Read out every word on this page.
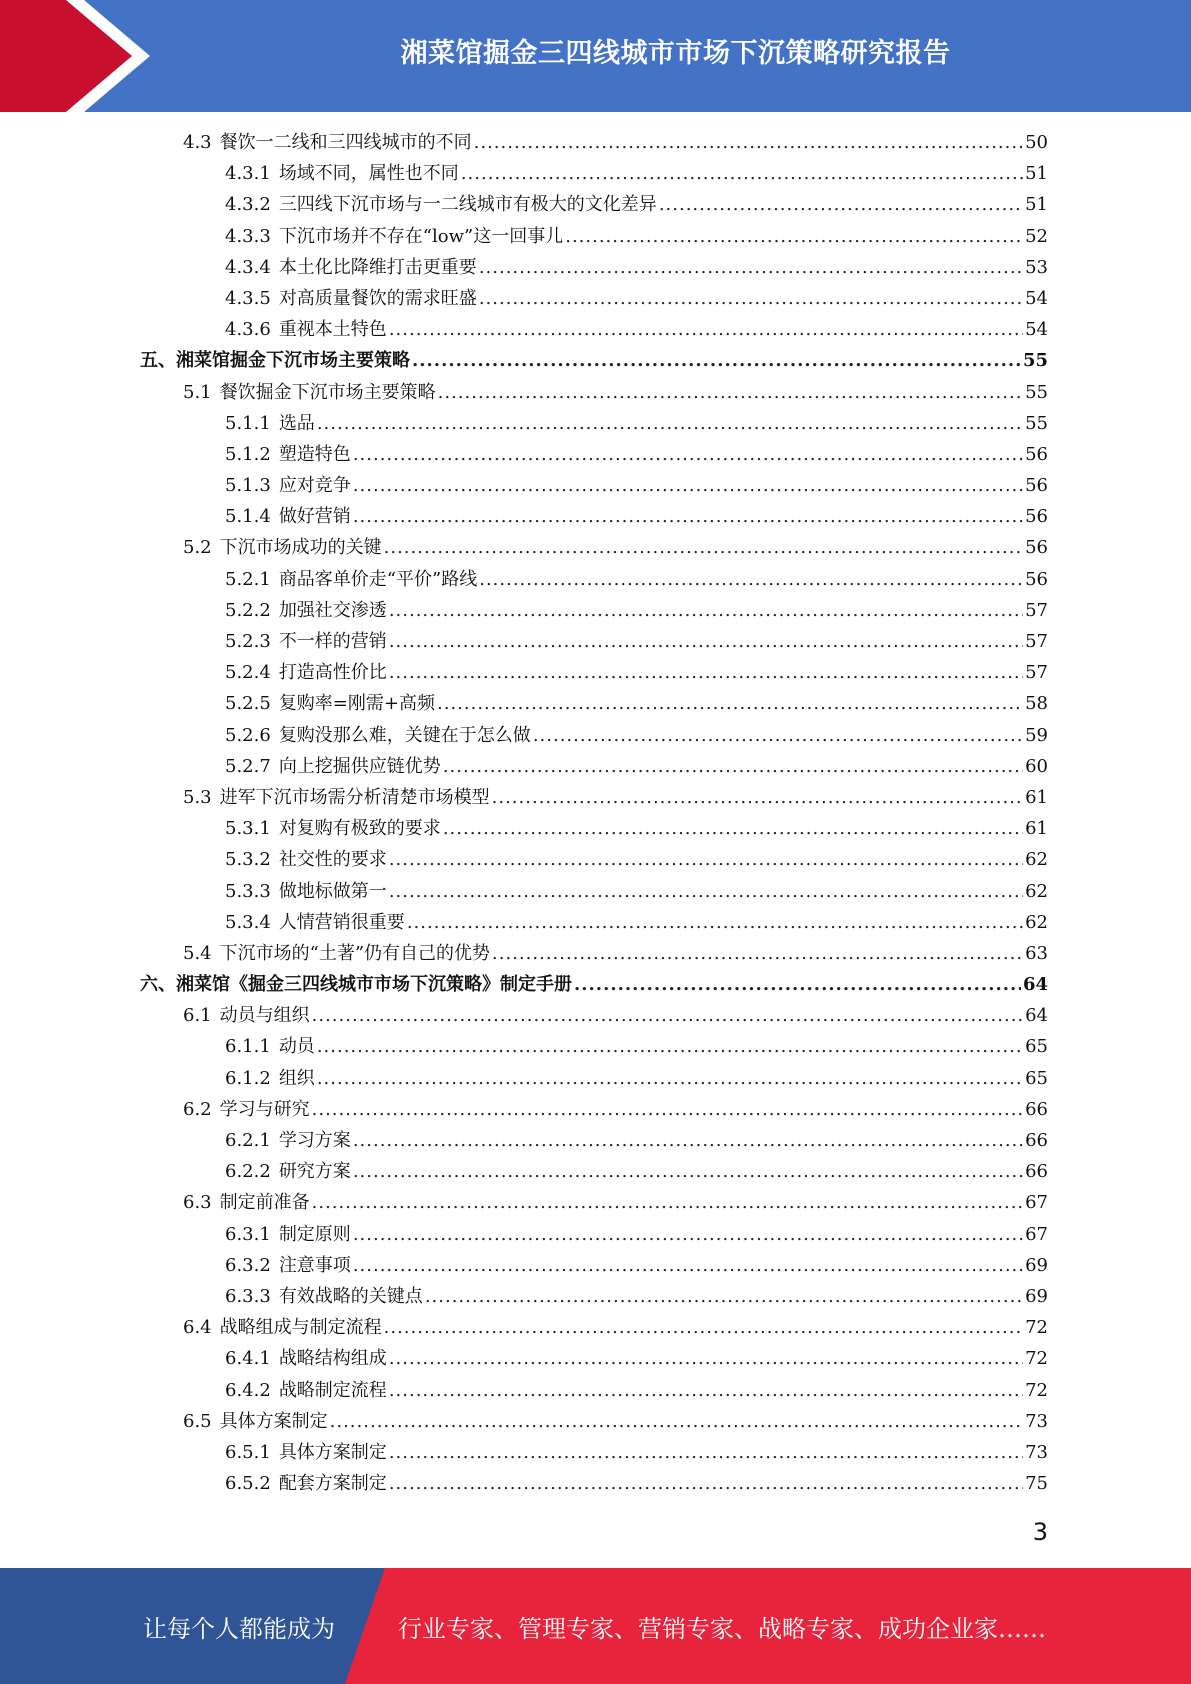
湘菜馆掘金三四线城市市场下沉策略研究报告
4.3 餐饮一二线和三四线城市的不同 .....	50
4.3.1 场域不同，属性也不同 .....	51
4.3.2 三四线下沉市场与一二线城市有极大的文化差异 .....	51
4.3.3 下沉市场并不存在“low”这一回事儿 .....	52
4.3.4 本土化比降维打击更重要 .....	53
4.3.5 对高质量餐饮的需求旺盛 .....	54
4.3.6 重视本土特色 .....	54
五、湘菜馆掘金下沉市场主要策略 .....	55
5.1 餐饮掘金下沉市场主要策略 .....	55
5.1.1 选品 .....	55
5.1.2 塑造特色 .....	56
5.1.3 应对竞争 .....	56
5.1.4 做好营销 .....	56
5.2 下沉市场成功的关键 .....	56
5.2.1 商品客单价走“平价”路线 .....	56
5.2.2 加强社交渗透 .....	57
5.2.3 不一样的营销 .....	57
5.2.4 打造高性价比 .....	57
5.2.5 复购率=刚需+高频 .....	58
5.2.6 复购没那么难，关键在于怎么做 .....	59
5.2.7 向上挖掘供应链优势 .....	60
5.3 进军下沉市场需分析清楚市场模型 .....	61
5.3.1 对复购有极致的要求 .....	61
5.3.2 社交性的要求 .....	62
5.3.3 做地标做第一 .....	62
5.3.4 人情营销很重要 .....	62
5.4 下沉市场的“土著”仍有自己的优势 .....	63
六、湘菜馆《掘金三四线城市市场下沉策略》制定手册 .....	64
6.1 动员与组织 .....	64
6.1.1 动员 .....	65
6.1.2 组织 .....	65
6.2 学习与研究 .....	66
6.2.1 学习方案 .....	66
6.2.2 研究方案 .....	66
6.3 制定前准备 .....	67
6.3.1 制定原则 .....	67
6.3.2 注意事项 .....	69
6.3.3 有效战略的关键点 .....	69
6.4 战略组成与制定流程 .....	72
6.4.1 战略结构组成 .....	72
6.4.2 战略制定流程 .....	72
6.5 具体方案制定 .....	73
6.5.1 具体方案制定 .....	73
6.5.2 配套方案制定 .....	75
3
让每个人都能成为	行业专家、管理专家、营销专家、战略专家、成功企业家……
